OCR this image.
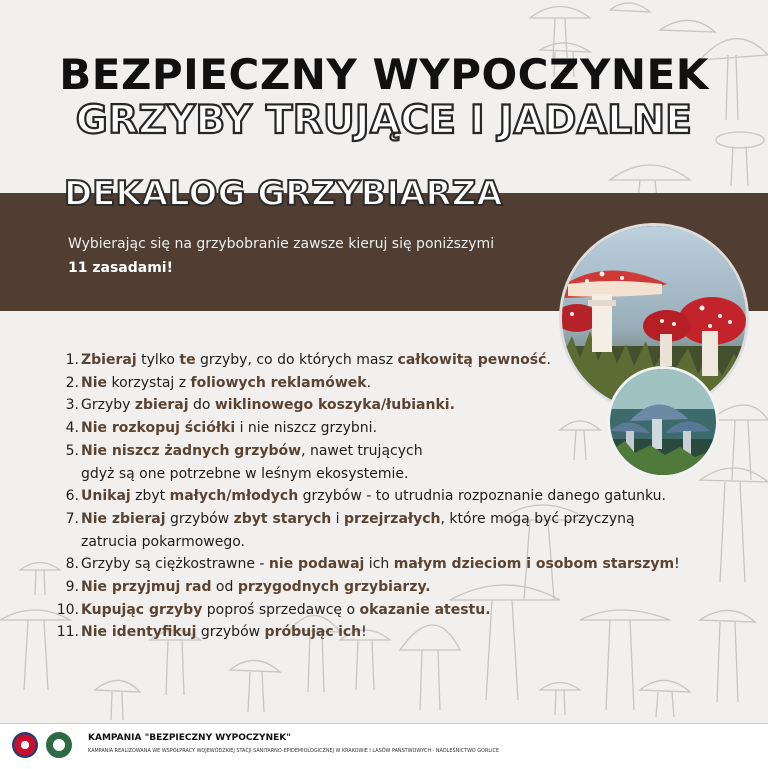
BEZPIECZNY WYPOCZYNEK
GRZYBY TRUJĄCE I JADALNE
DEKALOG GRZYBIARZA
Wybierając się na grzybobranie zawsze kieruj się poniższymi
11 zasadami!
1. Zbieraj tylko te grzyby, co do których masz całkowitą pewność.
2. Nie korzystaj z foliowych reklamówek.
3. Grzyby zbieraj do wiklinowego koszyka/łubianki.
4. Nie rozkopuj ściółki i nie niszcz grzybni.
5. Nie niszcz żadnych grzybów, nawet trujących
gdyż są one potrzebne w leśnym ekosystemie.
6. Unikaj zbyt małych/młodych grzybów - to utrudnia rozpoznanie danego gatunku.
7. Nie zbieraj grzybów zbyt starych i przejrzałych, które mogą być przyczyną
zatrucia pokarmowego.
8. Grzyby są ciężkostrawne - nie podawaj ich małym dzieciom i osobom starszym!
9. Nie przyjmuj rad od przygodnych grzybiarzy.
10. Kupując grzyby poproś sprzedawcę o okazanie atestu.
11. Nie identyfikuj grzybów próbując ich!
KAMPANIA "BEZPIECZNY WYPOCZYNEK"
KAMPANIA REALIZOWANA WE WSPÓŁPRACY WOJEWÓDZKIEJ STACJI SANITARNO-EPIDEMIOLOGICZNEJ W KRAKOWIE I LASÓW PAŃSTWOWYCH - NADLEŚNICTWO GORLICE
